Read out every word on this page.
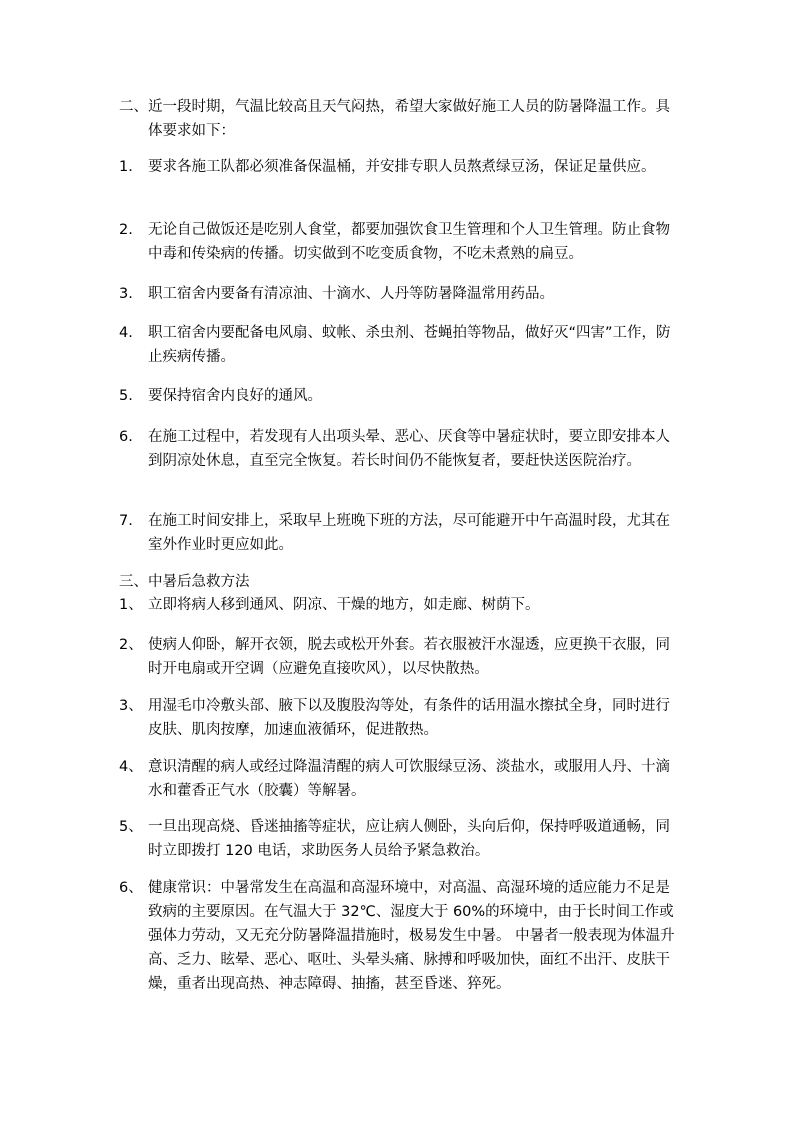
二、 近一段时期，气温比较高且天气闷热，希望大家做好施工人员的防暑降温工作。具体要求如下：
1.	要求各施工队都必须准备保温桶，并安排专职人员熬煮绿豆汤，保证足量供应。
2.	无论自己做饭还是吃别人食堂，都要加强饮食卫生管理和个人卫生管理。防止食物中毒和传染病的传播。切实做到不吃变质食物，不吃未煮熟的扁豆。
3.	职工宿舍内要备有清凉油、十滴水、人丹等防暑降温常用药品。
4.	职工宿舍内要配备电风扇、蚊帐、杀虫剂、苍蝇拍等物品，做好灭“四害”工作，防止疾病传播。
5.	要保持宿舍内良好的通风。
6.	在施工过程中，若发现有人出项头晕、恶心、厌食等中暑症状时，要立即安排本人到阴凉处休息，直至完全恢复。若长时间仍不能恢复者，要赶快送医院治疗。
7.	在施工时间安排上，采取早上班晚下班的方法，尽可能避开中午高温时段，尤其在室外作业时更应如此。
三、中暑后急救方法
1、 立即将病人移到通风、阴凉、干燥的地方，如走廊、树荫下。
2、 使病人仰卧，解开衣领，脱去或松开外套。若衣服被汗水湿透，应更换干衣服，同时开电扇或开空调（应避免直接吹风），以尽快散热。
3、 用湿毛巾冷敷头部、腋下以及腹股沟等处，有条件的话用温水擦拭全身，同时进行皮肤、肌肉按摩，加速血液循环，促进散热。
4、 意识清醒的病人或经过降温清醒的病人可饮服绿豆汤、淡盐水，或服用人丹、十滴水和藿香正气水（胶囊）等解暑。
5、 一旦出现高烧、昏迷抽搐等症状，应让病人侧卧，头向后仰，保持呼吸道通畅，同时立即拨打 120 电话，求助医务人员给予紧急救治。
6、 健康常识：中暑常发生在高温和高湿环境中，对高温、高湿环境的适应能力不足是致病的主要原因。在气温大于 32℃、湿度大于 60%的环境中，由于长时间工作或强体力劳动，又无充分防暑降温措施时，极易发生中暑。 中暑者一般表现为体温升高、乏力、眩晕、恶心、呕吐、头晕头痛、脉搏和呼吸加快，面红不出汗、皮肤干燥，重者出现高热、神志障碍、抽搐，甚至昏迷、猝死。
